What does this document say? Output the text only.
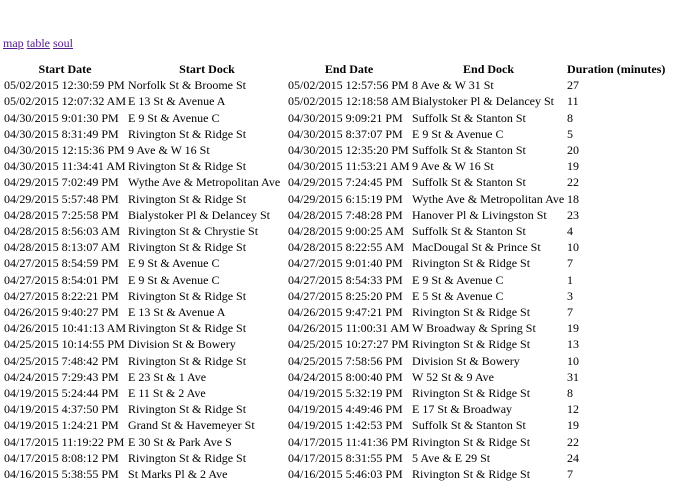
map table soul
Start Date	Start Dock	End Date	End Dock	Duration (minutes)
05/02/2015 12:30:59 PM	Norfolk St & Broome St	05/02/2015 12:57:56 PM	8 Ave & W 31 St	27
05/02/2015 12:07:32 AM	E 13 St & Avenue A	05/02/2015 12:18:58 AM	Bialystoker Pl & Delancey St	11
04/30/2015 9:01:30 PM	E 9 St & Avenue C	04/30/2015 9:09:21 PM	Suffolk St & Stanton St	8
04/30/2015 8:31:49 PM	Rivington St & Ridge St	04/30/2015 8:37:07 PM	E 9 St & Avenue C	5
04/30/2015 12:15:36 PM	9 Ave & W 16 St	04/30/2015 12:35:20 PM	Suffolk St & Stanton St	20
04/30/2015 11:34:41 AM	Rivington St & Ridge St	04/30/2015 11:53:21 AM	9 Ave & W 16 St	19
04/29/2015 7:02:49 PM	Wythe Ave & Metropolitan Ave	04/29/2015 7:24:45 PM	Suffolk St & Stanton St	22
04/29/2015 5:57:48 PM	Rivington St & Ridge St	04/29/2015 6:15:19 PM	Wythe Ave & Metropolitan Ave	18
04/28/2015 7:25:58 PM	Bialystoker Pl & Delancey St	04/28/2015 7:48:28 PM	Hanover Pl & Livingston St	23
04/28/2015 8:56:03 AM	Rivington St & Chrystie St	04/28/2015 9:00:25 AM	Suffolk St & Stanton St	4
04/28/2015 8:13:07 AM	Rivington St & Ridge St	04/28/2015 8:22:55 AM	MacDougal St & Prince St	10
04/27/2015 8:54:59 PM	E 9 St & Avenue C	04/27/2015 9:01:40 PM	Rivington St & Ridge St	7
04/27/2015 8:54:01 PM	E 9 St & Avenue C	04/27/2015 8:54:33 PM	E 9 St & Avenue C	1
04/27/2015 8:22:21 PM	Rivington St & Ridge St	04/27/2015 8:25:20 PM	E 5 St & Avenue C	3
04/26/2015 9:40:27 PM	E 13 St & Avenue A	04/26/2015 9:47:21 PM	Rivington St & Ridge St	7
04/26/2015 10:41:13 AM	Rivington St & Ridge St	04/26/2015 11:00:31 AM	W Broadway & Spring St	19
04/25/2015 10:14:55 PM	Division St & Bowery	04/25/2015 10:27:27 PM	Rivington St & Ridge St	13
04/25/2015 7:48:42 PM	Rivington St & Ridge St	04/25/2015 7:58:56 PM	Division St & Bowery	10
04/24/2015 7:29:43 PM	E 23 St & 1 Ave	04/24/2015 8:00:40 PM	W 52 St & 9 Ave	31
04/19/2015 5:24:44 PM	E 11 St & 2 Ave	04/19/2015 5:32:19 PM	Rivington St & Ridge St	8
04/19/2015 4:37:50 PM	Rivington St & Ridge St	04/19/2015 4:49:46 PM	E 17 St & Broadway	12
04/19/2015 1:24:21 PM	Grand St & Havemeyer St	04/19/2015 1:42:53 PM	Suffolk St & Stanton St	19
04/17/2015 11:19:22 PM	E 30 St & Park Ave S	04/17/2015 11:41:36 PM	Rivington St & Ridge St	22
04/17/2015 8:08:12 PM	Rivington St & Ridge St	04/17/2015 8:31:55 PM	5 Ave & E 29 St	24
04/16/2015 5:38:55 PM	St Marks Pl & 2 Ave	04/16/2015 5:46:03 PM	Rivington St & Ridge St	7
